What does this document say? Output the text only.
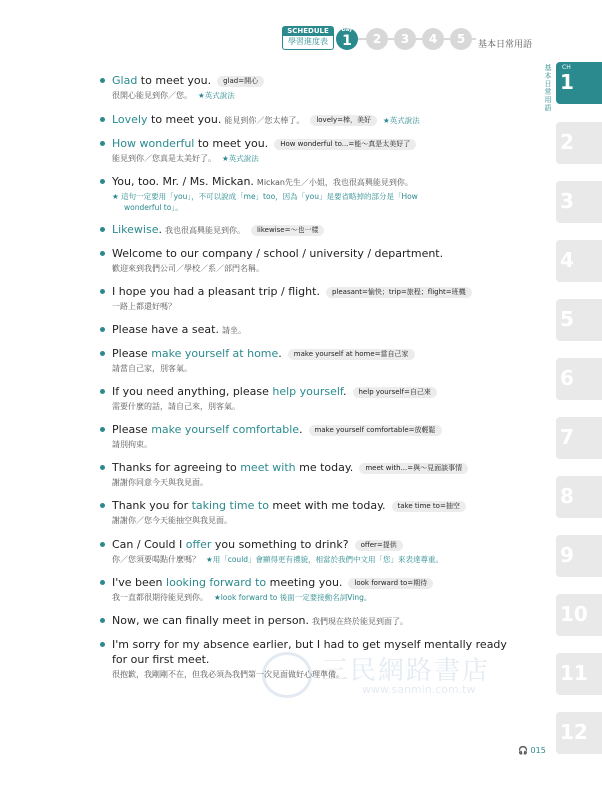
SCHEDULE
學習進度表
Day
1	2	3	4	5	基本日常用語
基本日常用語
CH
1
2
3
4
5
6
7
8
9
10
11
12
Glad to meet you. glad=開心
很開心能見到你／您。 ★英式說法
Lovely to meet you. 能見到你／您太棒了。 lovely=棒，美好 ★英式說法
How wonderful to meet you. How wonderful to...=能～真是太美好了
能見到你／您真是太美好了。 ★英式說法
You, too. Mr. / Ms. Mickan. Mickan先生／小姐，我也很高興能見到你。
★ 這句一定要用「you」，不可以說成「me」too，因為「you」是要省略掉的部分是「How
wonderful to」。
Likewise. 我也很高興能見到你。 likewise=～也一樣
Welcome to our company / school / university / department.
歡迎來到我們公司／學校／系／部門名稱。
I hope you had a pleasant trip / flight. pleasant=愉快；trip=旅程；flight=班機
一路上都還好嗎？
Please have a seat. 請坐。
Please make yourself at home. make yourself at home=當自己家
請當自己家，別客氣。
If you need anything, please help yourself. help yourself=自己來
需要什麼的話，請自己來，別客氣。
Please make yourself comfortable. make yourself comfortable=放輕鬆
請別拘束。
Thanks for agreeing to meet with me today. meet with...=與～見面談事情
謝謝你同意今天與我見面。
Thank you for taking time to meet with me today. take time to=抽空
謝謝你／您今天能抽空與我見面。
Can / Could I offer you something to drink? offer=提供
你／您須要喝點什麼嗎？ ★用「could」會顯得更有禮貌，相當於我們中文用「您」來表達尊重。
I've been looking forward to meeting you. look forward to=期待
我一直都很期待能見到你。 ★look forward to 後面一定要接動名詞Ving。
Now, we can finally meet in person. 我們現在終於能見到面了。
I'm sorry for my absence earlier, but I had to get myself mentally ready
for our first meet.
很抱歉，我剛剛不在，但我必須為我們第一次見面做好心理準備。
三民網路書店
www.sanmin.com.tw
🎧 015
